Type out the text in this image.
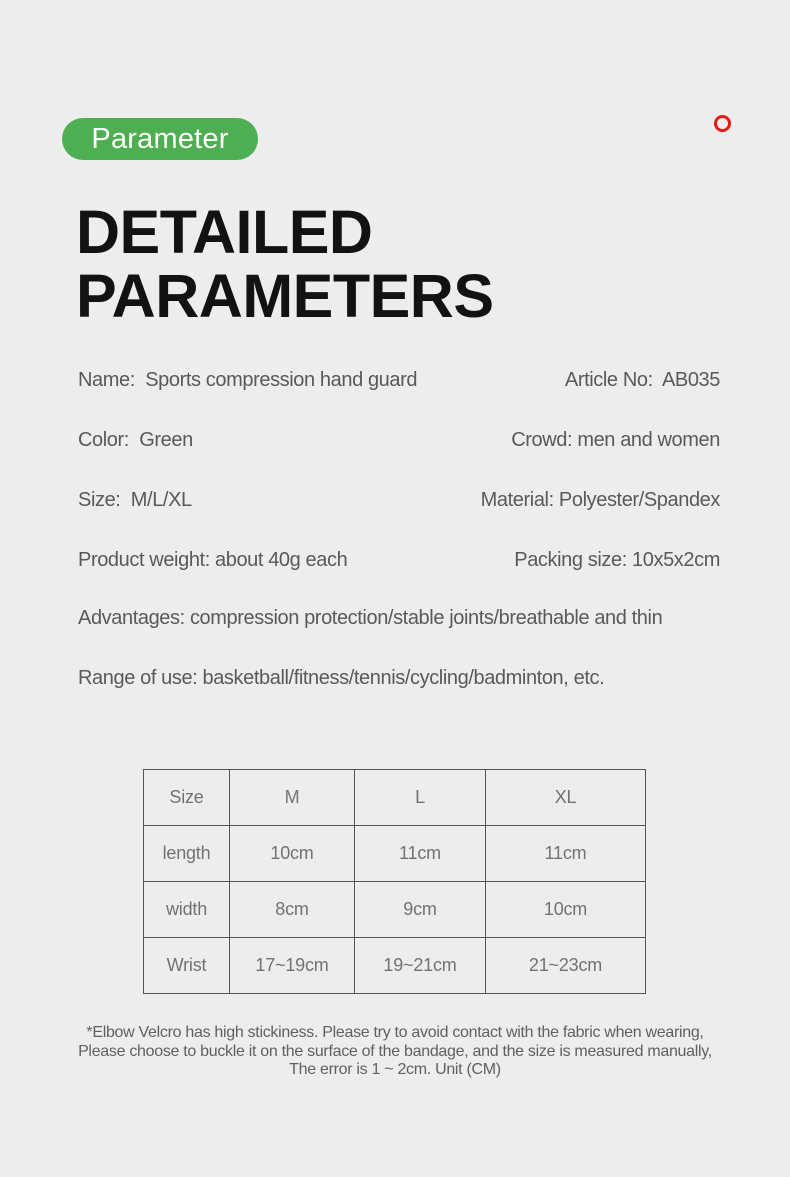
Parameter
DETAILED
PARAMETERS
Name:  Sports compression hand guard	Article No:  AB035
Color:  Green	Crowd: men and women
Size:  M/L/XL	Material: Polyester/Spandex
Product weight: about 40g each	Packing size: 10x5x2cm
Advantages: compression protection/stable joints/breathable and thin
Range of use: basketball/fitness/tennis/cycling/badminton, etc.
Size	M	L	XL
length	10cm	11cm	11cm
width	8cm	9cm	10cm
Wrist	17~19cm	19~21cm	21~23cm
*Elbow Velcro has high stickiness. Please try to avoid contact with the fabric when wearing,
Please choose to buckle it on the surface of the bandage, and the size is measured manually,
The error is 1 ~ 2cm. Unit (CM)
